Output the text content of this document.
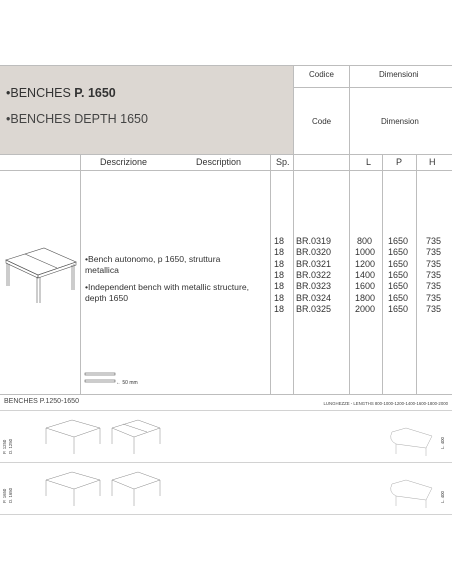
•BENCHES P. 1650
•BENCHES DEPTH 1650
Codice	Dimensioni
Code	Dimension
Descrizione	Description	Sp.	L	P	H
← 50 mm
•Bench autonomo, p 1650, struttura
metallica
•Independent bench with metallic structure,
depth 1650
18 BR.0319	800 1650 735
18 BR.0320	1000 1650 735
18 BR.0321	1200 1650 735
18 BR.0322	1400 1650 735
18 BR.0323	1600 1650 735
18 BR.0324	1800 1650 735
18 BR.0325	2000 1650 735
BENCHES P.1250-1650	LUNGHEZZE - LENGTHS 800-1000-1200-1400-1600-1800-2000
P. 1250 D. 1250	L. 400
P. 1650 D. 1650	L. 400
